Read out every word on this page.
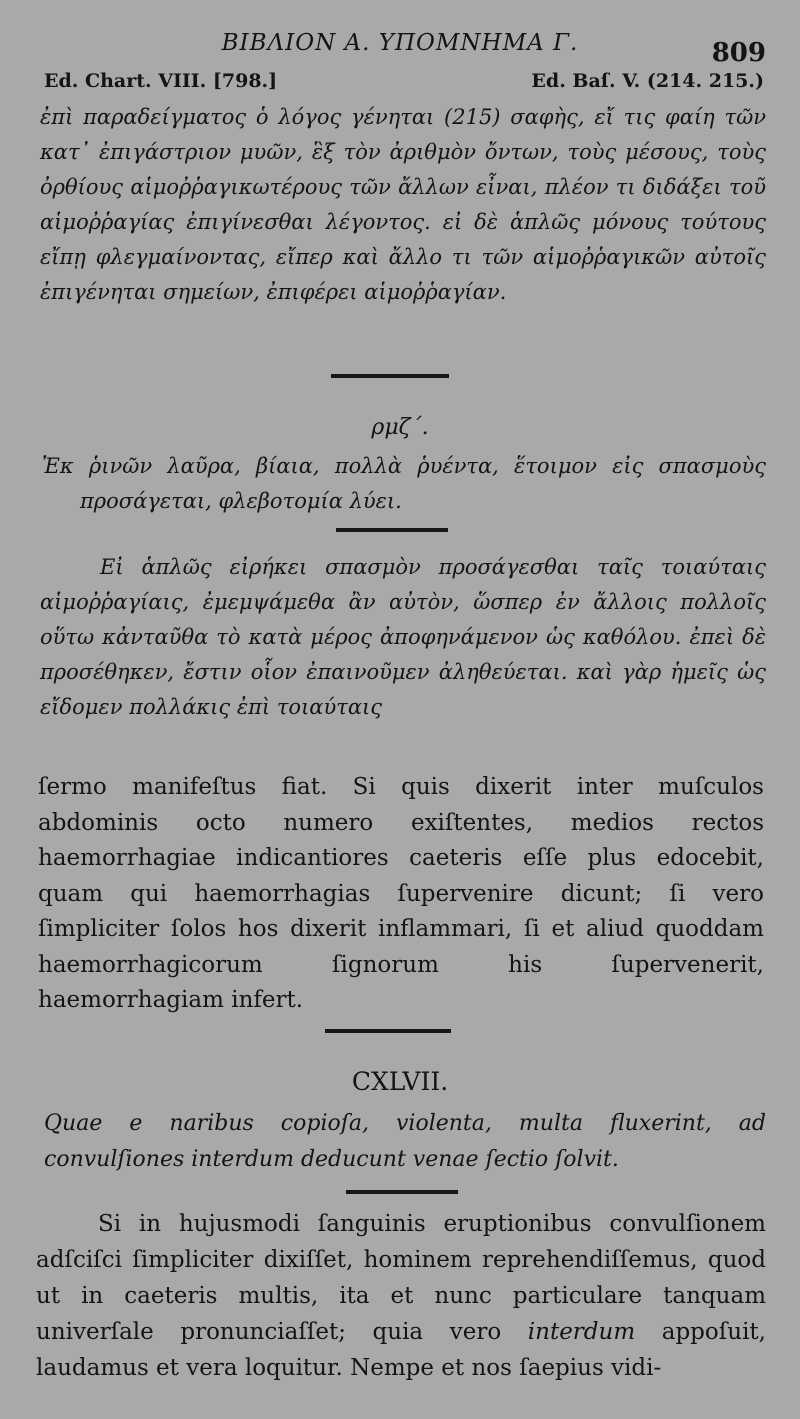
ΒΙΒΛΙΟΝ Α. ΥΠΟΜΝΗΜΑ Γ.	809
Ed. Chart. VIII. [798.]	Ed. Baſ. V. (214. 215.)
ἐπὶ παραδείγματος ὁ λόγος γένηται (215) σαφὴς, εἴ τις φαίη τῶν κατ᾽ ἐπιγάστριον μυῶν, ἓξ τὸν ἀριθμὸν ὄντων, τοὺς μέσους, τοὺς ὀρθίους αἱμοῤῥαγικωτέρους τῶν ἄλλων εἶναι, πλέον τι διδάξει τοῦ αἱμοῤῥαγίας ἐπιγίνεσθαι λέγοντος. εἰ δὲ ἁπλῶς μόνους τούτους εἴπῃ φλεγμαίνοντας, εἴπερ καὶ ἄλλο τι τῶν αἱμοῤῥαγικῶν αὐτοῖς ἐπιγένηται σημείων, ἐπιφέρει αἱμοῤῥαγίαν.
ρμζ΄.
Ἐκ ῥινῶν λαῦρα, βίαια, πολλὰ ῥυέντα, ἕτοιμον εἰς σπασμοὺς προσάγεται, φλεβοτομία λύει.
Εἰ ἁπλῶς εἰρήκει σπασμὸν προσάγεσθαι ταῖς τοιαύταις αἱμοῤῥαγίαις, ἐμεμψάμεθα ἂν αὐτὸν, ὥσπερ ἐν ἄλλοις πολλοῖς οὕτω κἀνταῦθα τὸ κατὰ μέρος ἀποφηνάμενον ὡς καθόλου. ἐπεὶ δὲ προσέθηκεν, ἔστιν οἷον ἐπαινοῦμεν ἀληθεύεται. καὶ γὰρ ἡμεῖς ὡς εἴδομεν πολλάκις ἐπὶ τοιαύταις
ſermo manifeſtus fiat. Si quis dixerit inter muſculos abdominis octo numero exiſtentes, medios rectos haemorrhagiae indicantiores caeteris eſſe plus edocebit, quam qui haemorrhagias ſupervenire dicunt; ſi vero ſimpliciter ſolos hos dixerit inflammari, ſi et aliud quoddam haemorrhagicorum ſignorum his ſupervenerit, haemorrhagiam infert.
CXLVII.
Quae e naribus copioſa, violenta, multa fluxerint, ad convulſiones interdum deducunt venae ſectio ſolvit.
Si in hujusmodi ſanguinis eruptionibus convulſionem adſciſci ſimpliciter dixiſſet, hominem reprehendiſſemus, quod ut in caeteris multis, ita et nunc particulare tanquam univerſale pronunciaſſet; quia vero interdum appoſuit, laudamus et vera loquitur. Nempe et nos ſaepius vidi-
